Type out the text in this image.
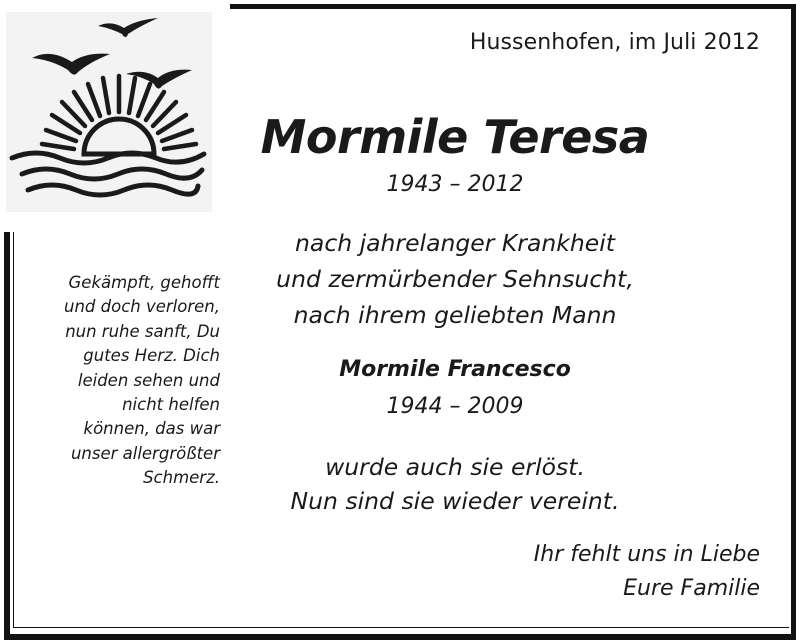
Hussenhofen, im Juli 2012
Mormile Teresa
1943 – 2012
nach jahrelanger Krankheit
und zermürbender Sehnsucht,
nach ihrem geliebten Mann
Mormile Francesco
1944 – 2009
wurde auch sie erlöst.
Nun sind sie wieder vereint.
Gekämpft, gehofft
und doch verloren,
nun ruhe sanft, Du
gutes Herz. Dich
leiden sehen und
nicht helfen
können, das war
unser allergrößter
Schmerz.
Ihr fehlt uns in Liebe
Eure Familie
